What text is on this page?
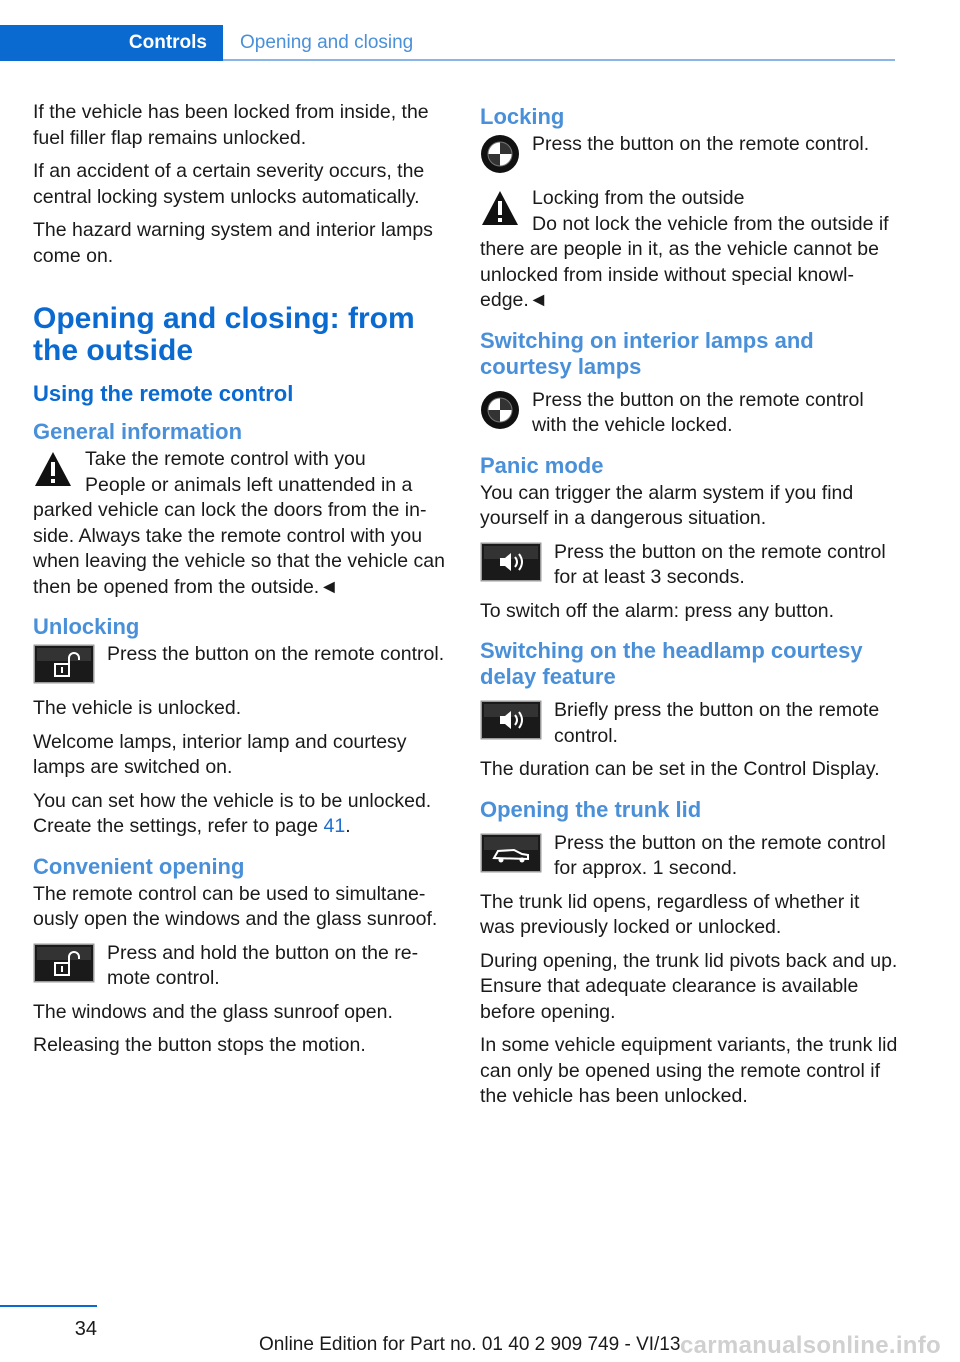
Controls	Opening and closing

If the vehicle has been locked from inside, the fuel filler flap remains unlocked.

If an accident of a certain severity occurs, the central locking system unlocks automatically.

The hazard warning system and interior lamps come on.

Opening and closing: from the outside
Using the remote control
General information

Take the remote control with you

People or animals left unattended in a parked vehicle can lock the doors from the inside. Always take the remote control with you when leaving the vehicle so that the vehicle can then be opened from the outside.◄

Unlocking

Press the button on the remote control.

The vehicle is unlocked.

Welcome lamps, interior lamp and courtesy lamps are switched on.

You can set how the vehicle is to be unlocked. Create the settings, refer to page 41.

Convenient opening

The remote control can be used to simultaneously open the windows and the glass sunroof.

Press and hold the button on the remote control.

The windows and the glass sunroof open.

Releasing the button stops the motion.

Locking

Press the button on the remote control.

Locking from the outside

Do not lock the vehicle from the outside if there are people in it, as the vehicle cannot be unlocked from inside without special knowledge.◄

Switching on interior lamps and courtesy lamps

Press the button on the remote control with the vehicle locked.

Panic mode

You can trigger the alarm system if you find yourself in a dangerous situation.

Press the button on the remote control for at least 3 seconds.

To switch off the alarm: press any button.

Switching on the headlamp courtesy delay feature

Briefly press the button on the remote control.

The duration can be set in the Control Display.

Opening the trunk lid

Press the button on the remote control for approx. 1 second.

The trunk lid opens, regardless of whether it was previously locked or unlocked.

During opening, the trunk lid pivots back and up. Ensure that adequate clearance is available before opening.

In some vehicle equipment variants, the trunk lid can only be opened using the remote control if the vehicle has been unlocked.

34
Online Edition for Part no. 01 40 2 909 749 - VI/13 carmanualsonline.info
